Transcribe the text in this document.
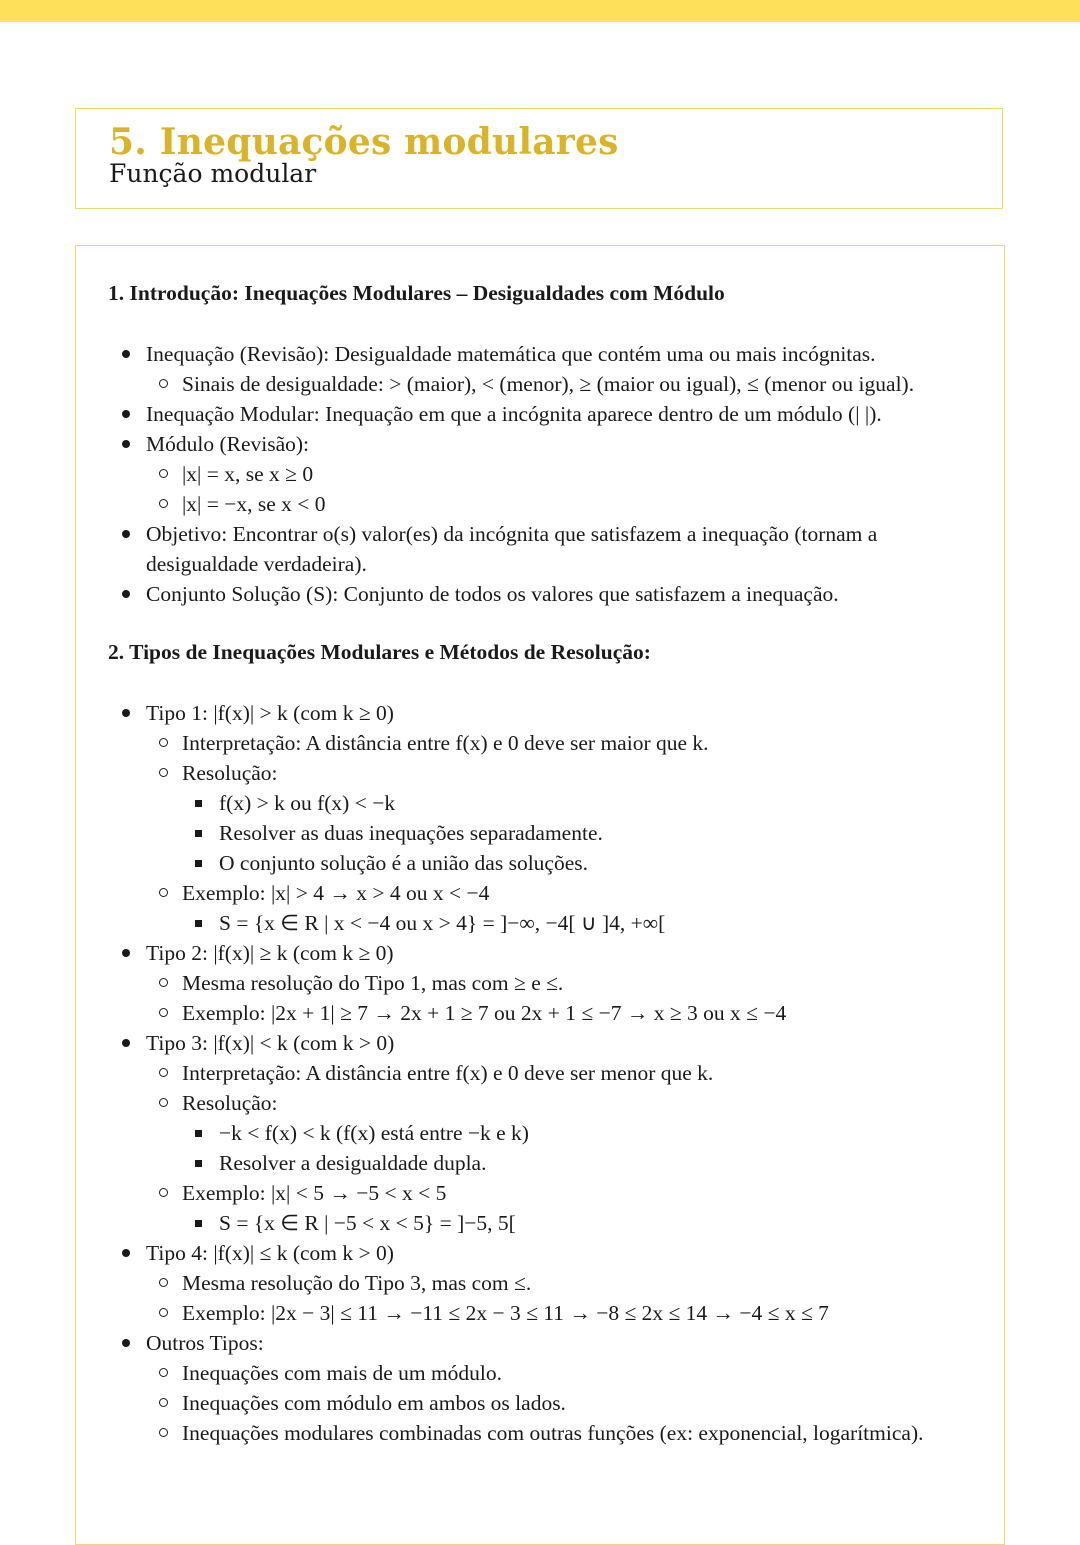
5. Inequações modulares
Função modular
1. Introdução: Inequações Modulares – Desigualdades com Módulo
Inequação (Revisão): Desigualdade matemática que contém uma ou mais incógnitas.
Sinais de desigualdade: > (maior), < (menor), ≥ (maior ou igual), ≤ (menor ou igual).
Inequação Modular: Inequação em que a incógnita aparece dentro de um módulo (| |).
Módulo (Revisão):
|x| = x, se x ≥ 0
|x| = −x, se x < 0
Objetivo: Encontrar o(s) valor(es) da incógnita que satisfazem a inequação (tornam a
desigualdade verdadeira).
Conjunto Solução (S): Conjunto de todos os valores que satisfazem a inequação.
2. Tipos de Inequações Modulares e Métodos de Resolução:
Tipo 1: |f(x)| > k (com k ≥ 0)
Interpretação: A distância entre f(x) e 0 deve ser maior que k.
Resolução:
f(x) > k ou f(x) < −k
Resolver as duas inequações separadamente.
O conjunto solução é a união das soluções.
Exemplo: |x| > 4 → x > 4 ou x < −4
S = {x ∈ R | x < −4 ou x > 4} = ]−∞, −4[ ∪ ]4, +∞[
Tipo 2: |f(x)| ≥ k (com k ≥ 0)
Mesma resolução do Tipo 1, mas com ≥ e ≤.
Exemplo: |2x + 1| ≥ 7 → 2x + 1 ≥ 7 ou 2x + 1 ≤ −7 → x ≥ 3 ou x ≤ −4
Tipo 3: |f(x)| < k (com k > 0)
Interpretação: A distância entre f(x) e 0 deve ser menor que k.
Resolução:
−k < f(x) < k (f(x) está entre −k e k)
Resolver a desigualdade dupla.
Exemplo: |x| < 5 → −5 < x < 5
S = {x ∈ R | −5 < x < 5} = ]−5, 5[
Tipo 4: |f(x)| ≤ k (com k > 0)
Mesma resolução do Tipo 3, mas com ≤.
Exemplo: |2x − 3| ≤ 11 → −11 ≤ 2x − 3 ≤ 11 → −8 ≤ 2x ≤ 14 → −4 ≤ x ≤ 7
Outros Tipos:
Inequações com mais de um módulo.
Inequações com módulo em ambos os lados.
Inequações modulares combinadas com outras funções (ex: exponencial, logarítmica).
